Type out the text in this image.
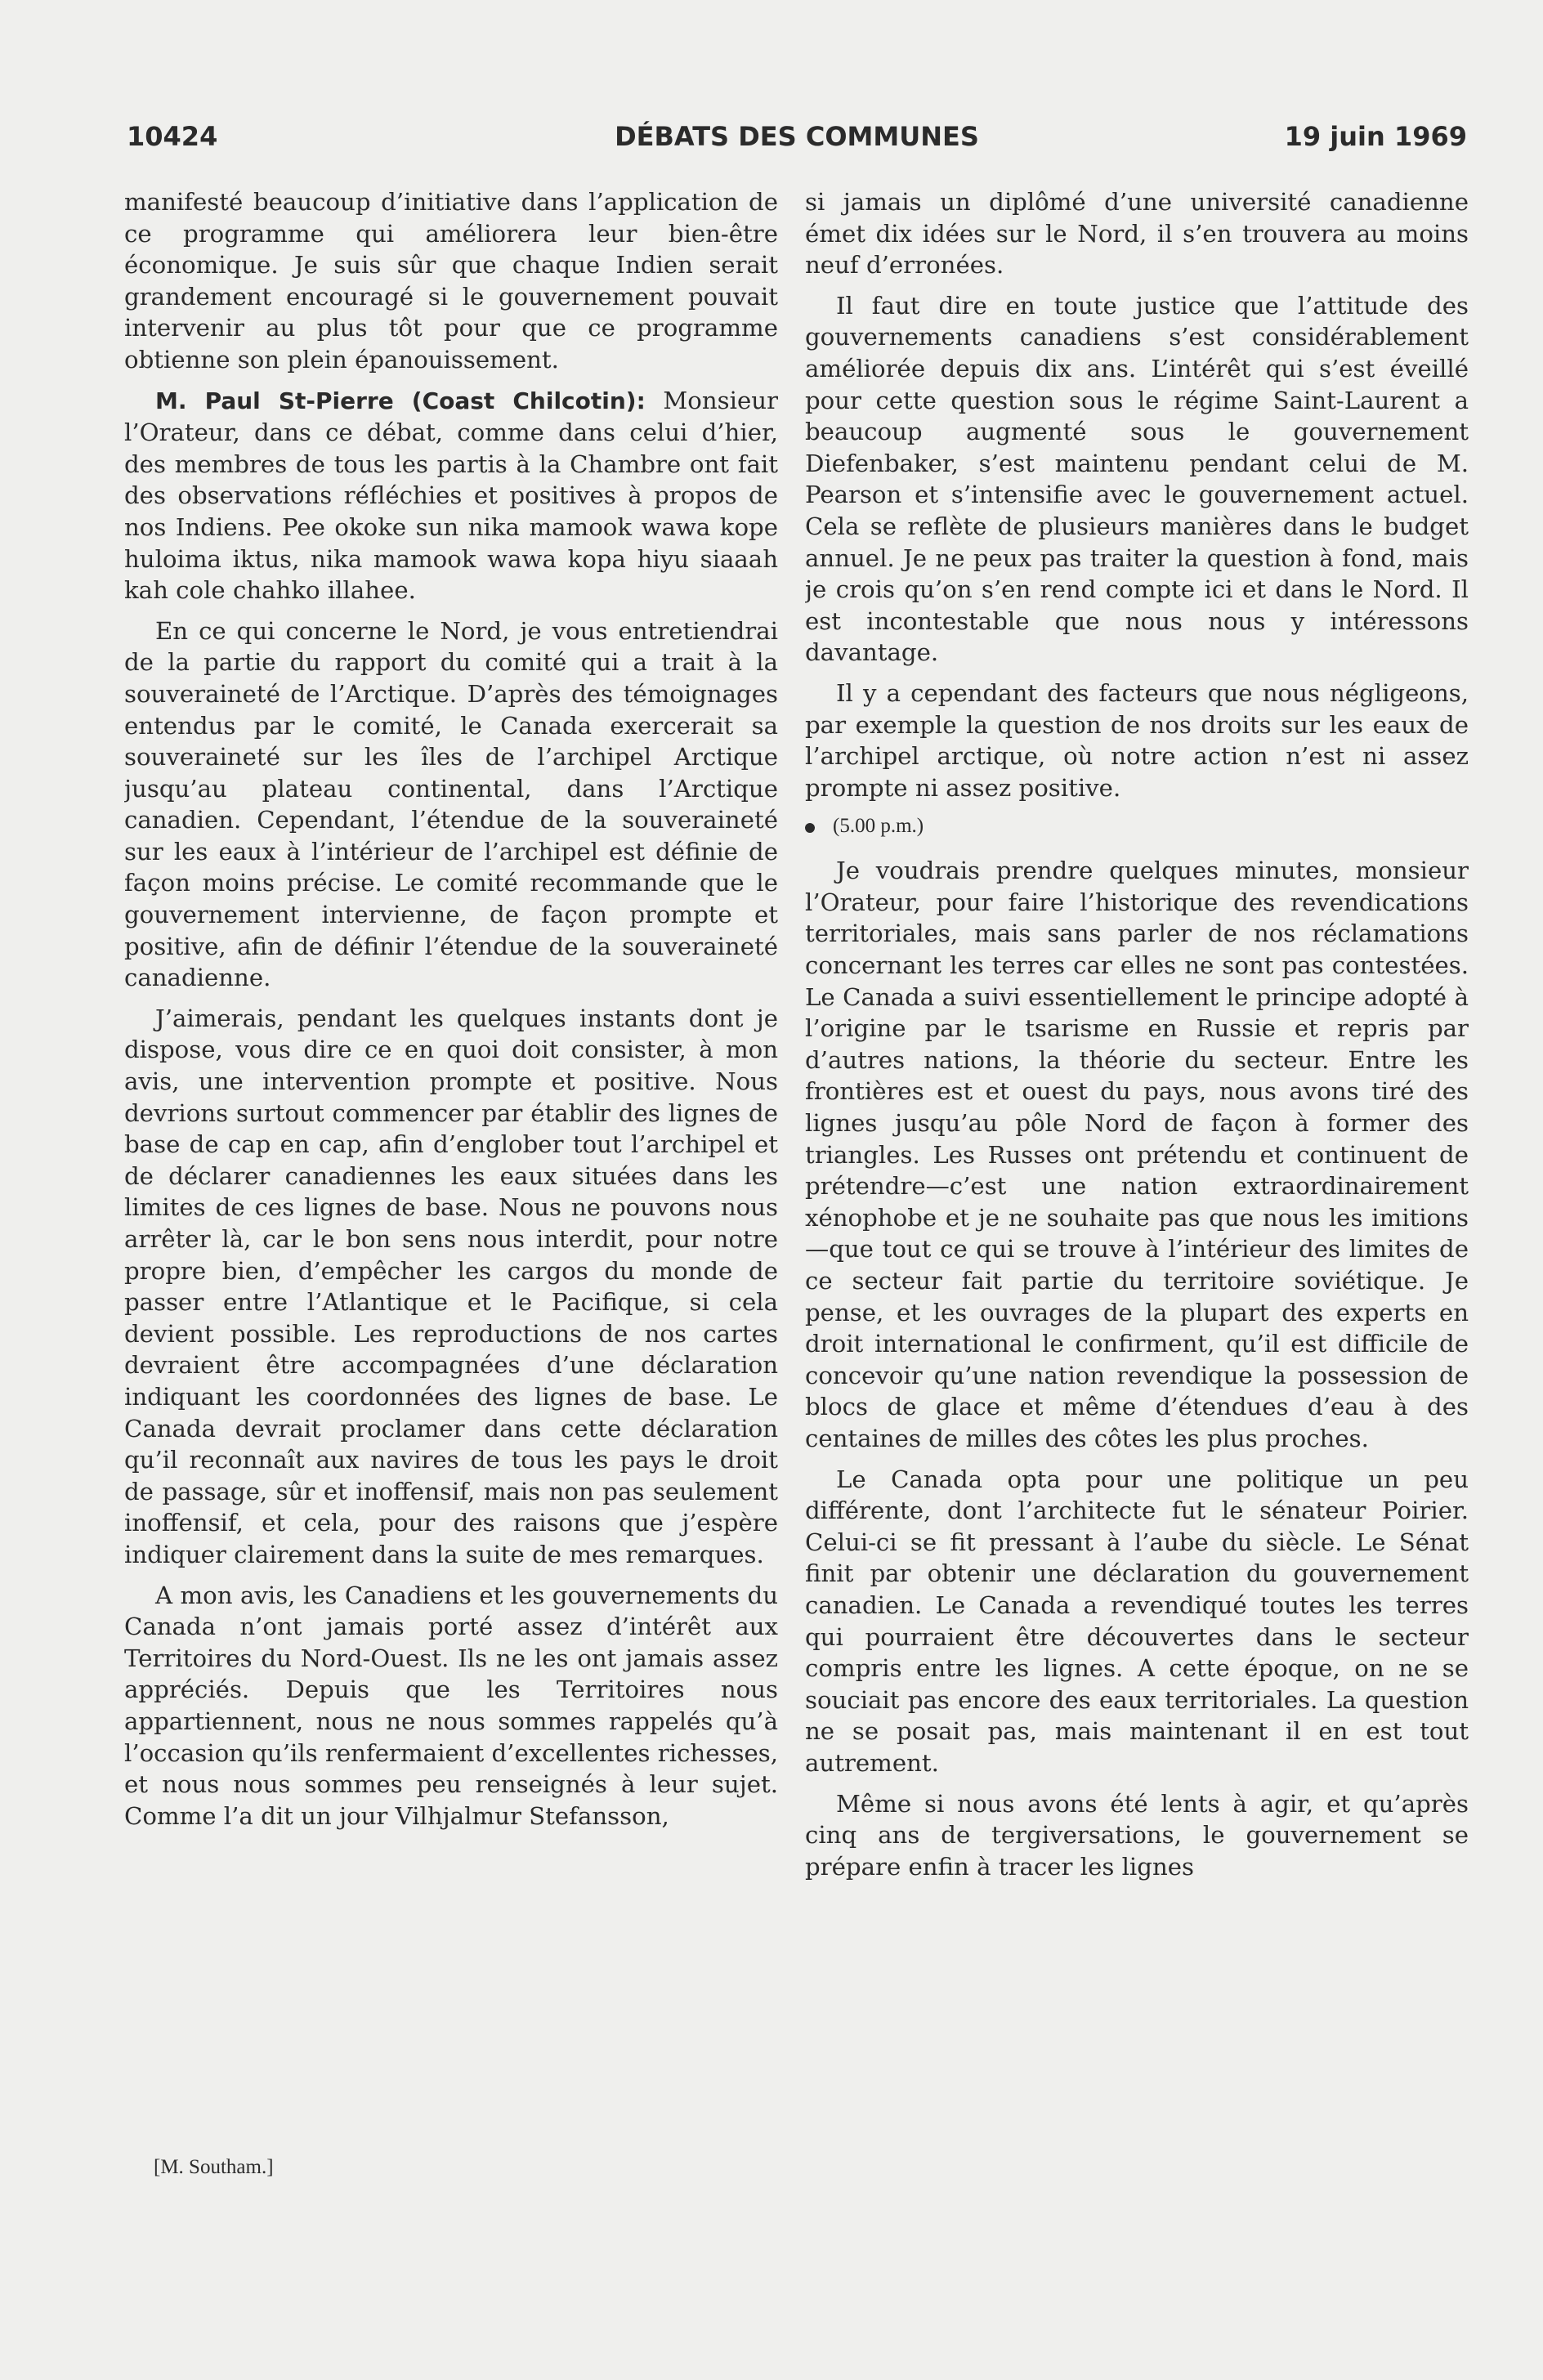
10424	DÉBATS DES COMMUNES	19 juin 1969

manifesté beaucoup d’initiative dans l’application de ce programme qui améliorera leur bien-être économique. Je suis sûr que chaque Indien serait grandement encouragé si le gouvernement pouvait intervenir au plus tôt pour que ce programme obtienne son plein épanouissement.

M. Paul St-Pierre (Coast Chilcotin): Monsieur l’Orateur, dans ce débat, comme dans celui d’hier, des membres de tous les partis à la Chambre ont fait des observations réfléchies et positives à propos de nos Indiens. Pee okoke sun nika mamook wawa kope huloima iktus, nika mamook wawa kopa hiyu siaaah kah cole chahko illahee.

En ce qui concerne le Nord, je vous entretiendrai de la partie du rapport du comité qui a trait à la souveraineté de l’Arctique. D’après des témoignages entendus par le comité, le Canada exercerait sa souveraineté sur les îles de l’archipel Arctique jusqu’au plateau continental, dans l’Arctique canadien. Cependant, l’étendue de la souveraineté sur les eaux à l’intérieur de l’archipel est définie de façon moins précise. Le comité recommande que le gouvernement intervienne, de façon prompte et positive, afin de définir l’étendue de la souveraineté canadienne.

J’aimerais, pendant les quelques instants dont je dispose, vous dire ce en quoi doit consister, à mon avis, une intervention prompte et positive. Nous devrions surtout commencer par établir des lignes de base de cap en cap, afin d’englober tout l’archipel et de déclarer canadiennes les eaux situées dans les limites de ces lignes de base. Nous ne pouvons nous arrêter là, car le bon sens nous interdit, pour notre propre bien, d’empêcher les cargos du monde de passer entre l’Atlantique et le Pacifique, si cela devient possible. Les reproductions de nos cartes devraient être accompagnées d’une déclaration indiquant les coordonnées des lignes de base. Le Canada devrait proclamer dans cette déclaration qu’il reconnaît aux navires de tous les pays le droit de passage, sûr et inoffensif, mais non pas seulement inoffensif, et cela, pour des raisons que j’espère indiquer clairement dans la suite de mes remarques.

A mon avis, les Canadiens et les gouvernements du Canada n’ont jamais porté assez d’intérêt aux Territoires du Nord-Ouest. Ils ne les ont jamais assez appréciés. Depuis que les Territoires nous appartiennent, nous ne nous sommes rappelés qu’à l’occasion qu’ils renfermaient d’excellentes richesses, et nous nous sommes peu renseignés à leur sujet. Comme l’a dit un jour Vilhjalmur Stefansson,

si jamais un diplômé d’une université canadienne émet dix idées sur le Nord, il s’en trouvera au moins neuf d’erronées.

Il faut dire en toute justice que l’attitude des gouvernements canadiens s’est considérablement améliorée depuis dix ans. L’intérêt qui s’est éveillé pour cette question sous le régime Saint-Laurent a beaucoup augmenté sous le gouvernement Diefenbaker, s’est maintenu pendant celui de M. Pearson et s’intensifie avec le gouvernement actuel. Cela se reflète de plusieurs manières dans le budget annuel. Je ne peux pas traiter la question à fond, mais je crois qu’on s’en rend compte ici et dans le Nord. Il est incontestable que nous nous y intéressons davantage.

Il y a cependant des facteurs que nous négligeons, par exemple la question de nos droits sur les eaux de l’archipel arctique, où notre action n’est ni assez prompte ni assez positive.

(5.00 p.m.)

Je voudrais prendre quelques minutes, monsieur l’Orateur, pour faire l’historique des revendications territoriales, mais sans parler de nos réclamations concernant les terres car elles ne sont pas contestées. Le Canada a suivi essentiellement le principe adopté à l’origine par le tsarisme en Russie et repris par d’autres nations, la théorie du secteur. Entre les frontières est et ouest du pays, nous avons tiré des lignes jusqu’au pôle Nord de façon à former des triangles. Les Russes ont prétendu et continuent de prétendre—c’est une nation extraordinairement xénophobe et je ne souhaite pas que nous les imitions—que tout ce qui se trouve à l’intérieur des limites de ce secteur fait partie du territoire soviétique. Je pense, et les ouvrages de la plupart des experts en droit international le confirment, qu’il est difficile de concevoir qu’une nation revendique la possession de blocs de glace et même d’étendues d’eau à des centaines de milles des côtes les plus proches.

Le Canada opta pour une politique un peu différente, dont l’architecte fut le sénateur Poirier. Celui-ci se fit pressant à l’aube du siècle. Le Sénat finit par obtenir une déclaration du gouvernement canadien. Le Canada a revendiqué toutes les terres qui pourraient être découvertes dans le secteur compris entre les lignes. A cette époque, on ne se souciait pas encore des eaux territoriales. La question ne se posait pas, mais maintenant il en est tout autrement.

Même si nous avons été lents à agir, et qu’après cinq ans de tergiversations, le gouvernement se prépare enfin à tracer les lignes

[M. Southam.]
